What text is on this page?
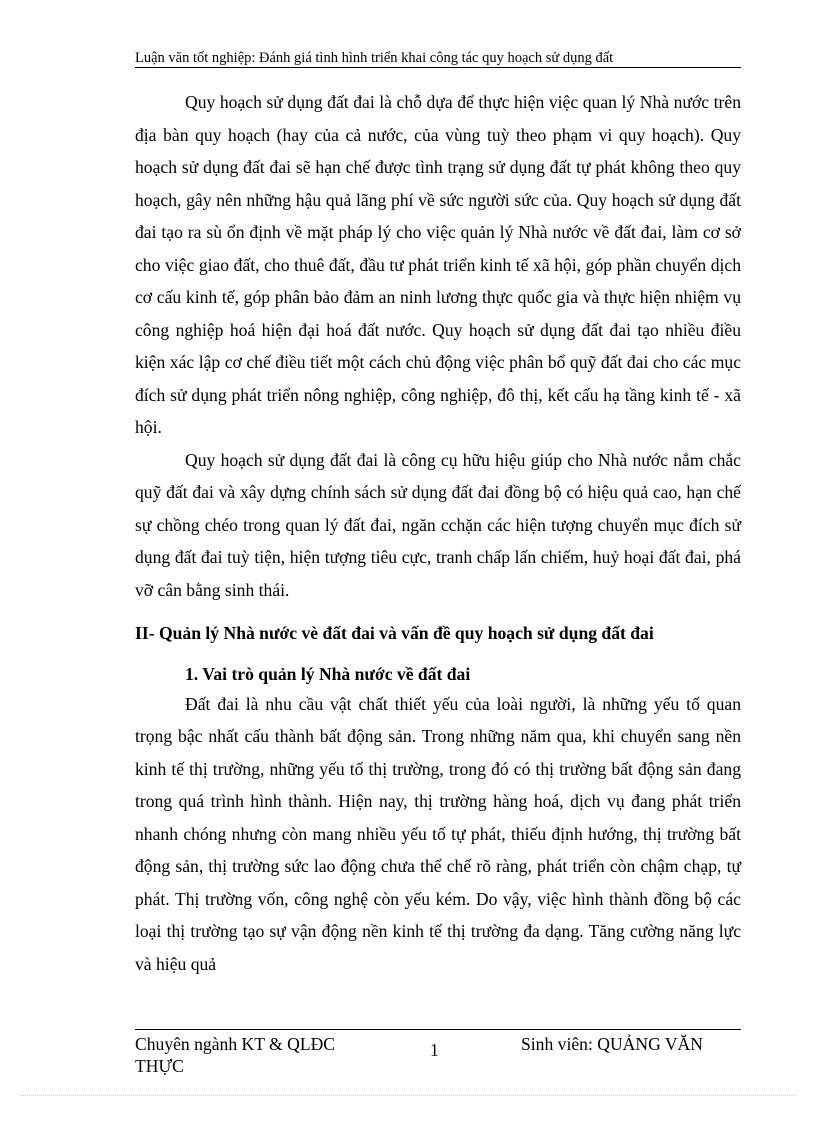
Luận văn tốt nghiệp: Đánh giá tình hình triển khai công tác quy hoạch sử dụng đất

Quy hoạch sử dụng đất đai là chỗ dựa để thực hiện việc quan lý Nhà nước trên địa bàn quy hoạch (hay của cả nước, của vùng tuỳ theo phạm vi quy hoạch). Quy hoạch sử dụng đất đai sẽ hạn chế được tình trạng sử dụng đất tự phát không theo quy hoạch, gây nên những hậu quả lãng phí về sức người sức của. Quy hoạch sử dụng đất đai tạo ra sù ổn định về mặt pháp lý cho việc quản lý Nhà nước về đất đai, làm cơ sở cho việc giao đất, cho thuê đất, đầu tư phát triển kinh tế xã hội, góp phần chuyển dịch cơ cấu kinh tế, góp phân bảo đảm an ninh lương thực quốc gia và thực hiện nhiệm vụ công nghiệp hoá hiện đại hoá đất nước. Quy hoạch sử dụng đất đai tạo nhiều điều kiện xác lập cơ chế điều tiết một cách chủ động việc phân bổ quỹ đất đai cho các mục đích sử dụng phát triển nông nghiệp, công nghiệp, đô thị, kết cấu hạ tầng kinh tế - xã hội.

Quy hoạch sử dụng đất đai là công cụ hữu hiệu giúp cho Nhà nước nắm chắc quỹ đất đai và xây dựng chính sách sử dụng đất đai đồng bộ có hiệu quả cao, hạn chế sự chồng chéo trong quan lý đất đai, ngăn cchặn các hiện tượng chuyển mục đích sử dụng đất đai tuỳ tiện, hiện tượng tiêu cực, tranh chấp lấn chiếm, huỷ hoại đất đai, phá vỡ cân bằng sinh thái.

II- Quản lý Nhà nước vè đất đai và vấn đề quy hoạch sử dụng đất đai

1. Vai trò quản lý Nhà nước về đất đai

Đất đai là nhu cầu vật chất thiết yếu của loài người, là những yếu tố quan trọng bậc nhất cấu thành bất động sản. Trong những năm qua, khi chuyển sang nền kinh tế thị trường, những yếu tố thị trường, trong đó có thị trường bất động sản đang trong quá trình hình thành. Hiện nay, thị trường hàng hoá, dịch vụ đang phát triển nhanh chóng nhưng còn mang nhiều yếu tố tự phát, thiếu định hướng, thị trường bất động sản, thị trường sức lao động chưa thể chế rõ ràng, phát triển còn chậm chạp, tự phát. Thị trường vốn, công nghệ còn yếu kém. Do vậy, việc hình thành đồng bộ các loại thị trường tạo sự vận động nền kinh tế thị trường đa dạng. Tăng cường năng lực và hiệu quả

Chuyên ngành KT & QLĐC THỰC
1	Sinh viên: QUẢNG VĂN
